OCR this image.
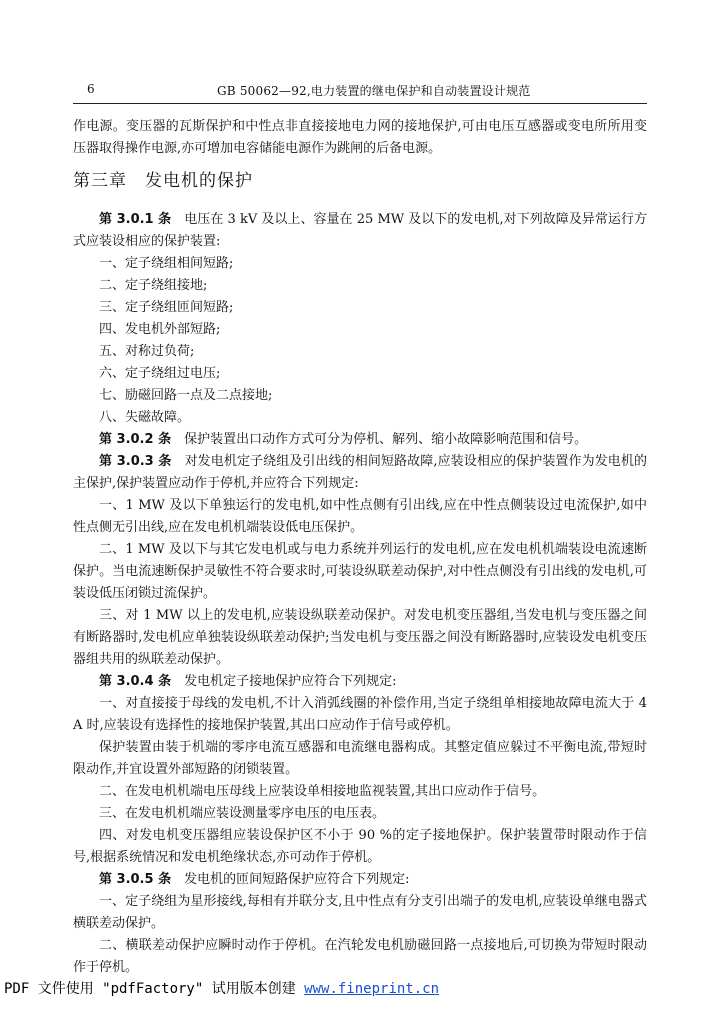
6	GB 50062—92,电力装置的继电保护和自动装置设计规范

作电源。变压器的瓦斯保护和中性点非直接接地电力网的接地保护,可由电压互感器或变电所所用变压器取得操作电源,亦可增加电容储能电源作为跳闸的后备电源。

第三章　发电机的保护

第 3.0.1 条　 电压在 3 kV 及以上、容量在 25 MW 及以下的发电机,对下列故障及异常运行方式应装设相应的保护装置:

一、定子绕组相间短路;

二、定子绕组接地;

三、定子绕组匝间短路;

四、发电机外部短路;

五、对称过负荷;

六、定子绕组过电压;

七、励磁回路一点及二点接地;

八、失磁故障。

第 3.0.2 条　 保护装置出口动作方式可分为停机、解列、缩小故障影响范围和信号。

第 3.0.3 条　 对发电机定子绕组及引出线的相间短路故障,应装设相应的保护装置作为发电机的主保护,保护装置应动作于停机,并应符合下列规定:

一、1 MW 及以下单独运行的发电机,如中性点侧有引出线,应在中性点侧装设过电流保护,如中性点侧无引出线,应在发电机机端装设低电压保护。

二、1 MW 及以下与其它发电机或与电力系统并列运行的发电机,应在发电机机端装设电流速断保护。当电流速断保护灵敏性不符合要求时,可装设纵联差动保护,对中性点侧没有引出线的发电机,可装设低压闭锁过流保护。

三、对 1 MW 以上的发电机,应装设纵联差动保护。对发电机变压器组,当发电机与变压器之间有断路器时,发电机应单独装设纵联差动保护;当发电机与变压器之间没有断路器时,应装设发电机变压器组共用的纵联差动保护。

第 3.0.4 条　 发电机定子接地保护应符合下列规定:

一、对直接接于母线的发电机,不计入消弧线圈的补偿作用,当定子绕组单相接地故障电流大于 4 A 时,应装设有选择性的接地保护装置,其出口应动作于信号或停机。

保护装置由装于机端的零序电流互感器和电流继电器构成。其整定值应躲过不平衡电流,带短时限动作,并宜设置外部短路的闭锁装置。

二、在发电机机端电压母线上应装设单相接地监视装置,其出口应动作于信号。

三、在发电机机端应装设测量零序电压的电压表。

四、对发电机变压器组应装设保护区不小于 90 %的定子接地保护。保护装置带时限动作于信号,根据系统情况和发电机绝缘状态,亦可动作于停机。

第 3.0.5 条　 发电机的匝间短路保护应符合下列规定:

一、定子绕组为星形接线,每相有并联分支,且中性点有分支引出端子的发电机,应装设单继电器式横联差动保护。

二、横联差动保护应瞬时动作于停机。在汽轮发电机励磁回路一点接地后,可切换为带短时限动作于停机。

PDF 文件使用 "pdfFactory" 试用版本创建 www.fineprint.cn
